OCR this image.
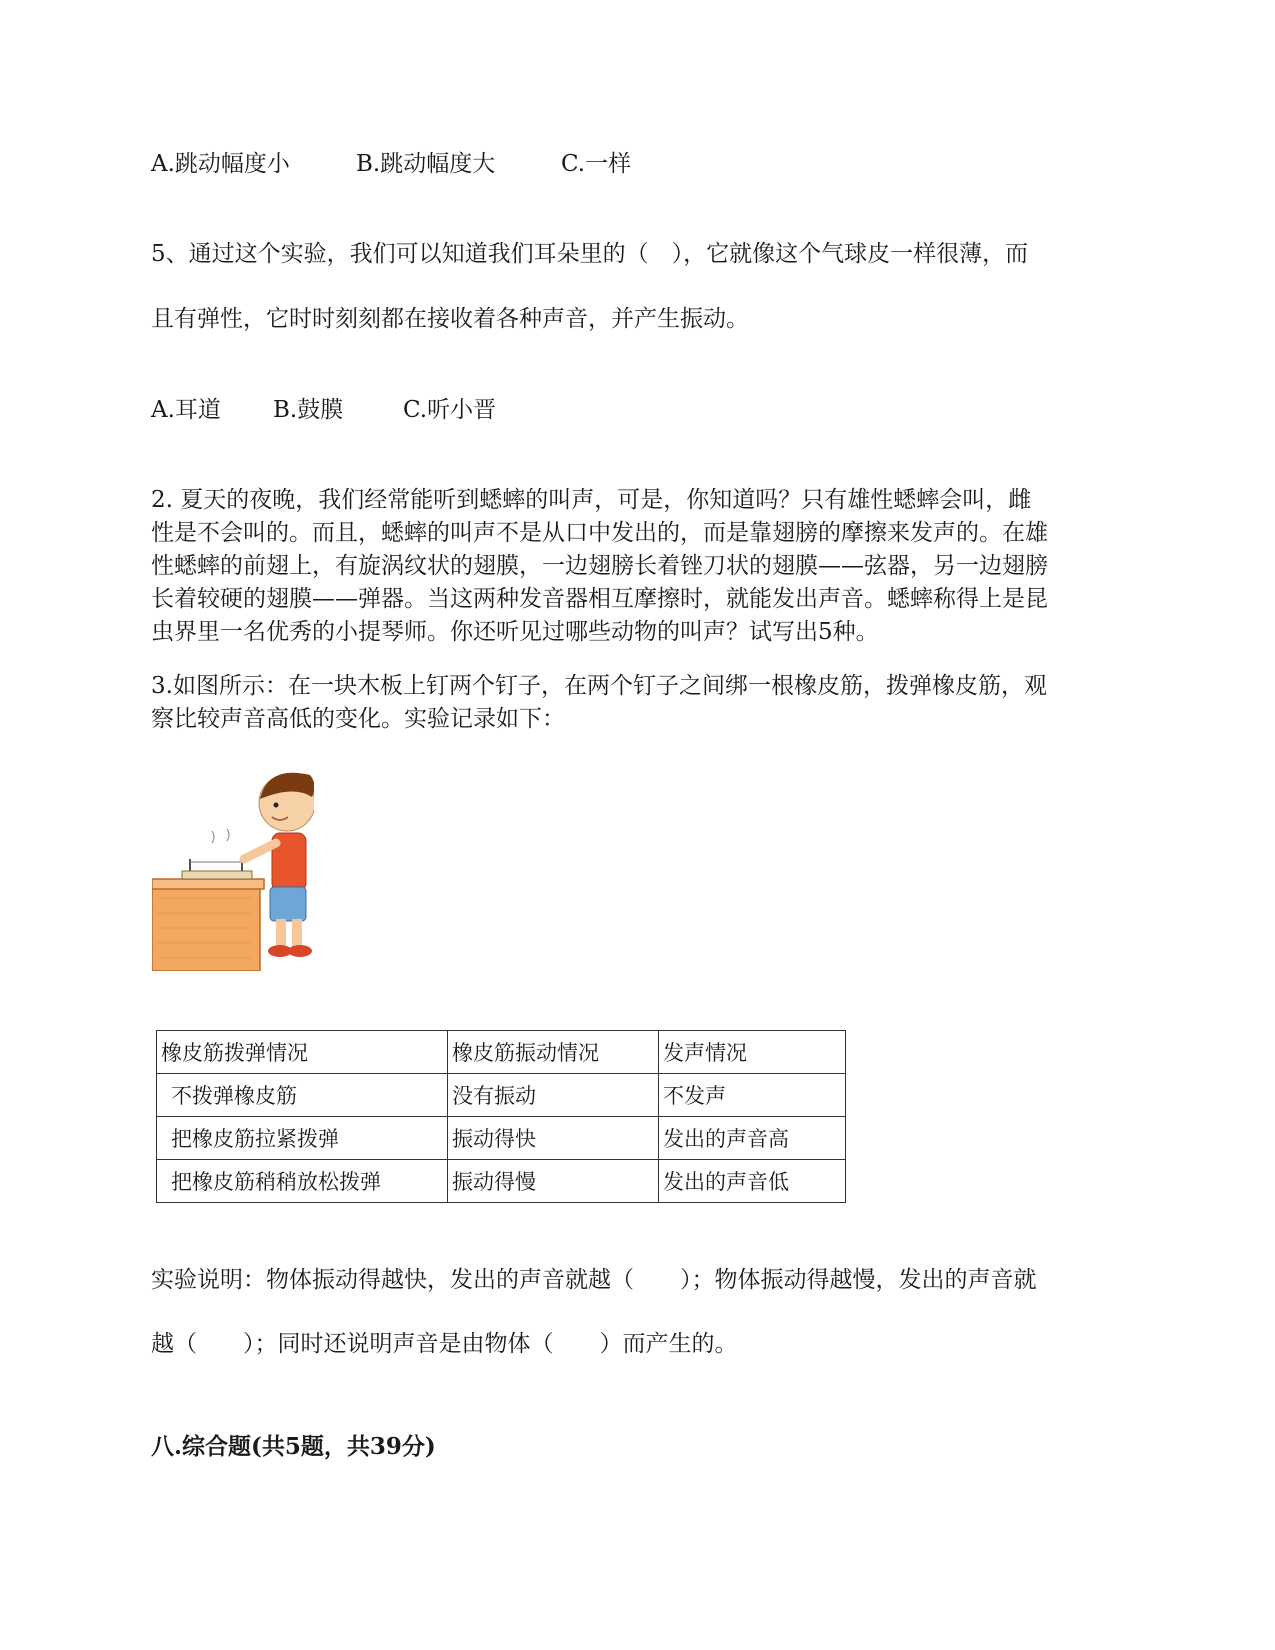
A.跳动幅度小	B.跳动幅度大	C.一样
5、通过这个实验，我们可以知道我们耳朵里的（　），它就像这个气球皮一样很薄，而
且有弹性，它时时刻刻都在接收着各种声音，并产生振动。
A.耳道 B.鼓膜	C.听小晋

2. 夏天的夜晚，我们经常能听到蟋蟀的叫声，可是，你知道吗？只有雄性蟋蟀会叫，雌

性是不会叫的。而且，蟋蟀的叫声不是从口中发出的，而是靠翅膀的摩擦来发声的。在雄

性蟋蟀的前翅上，有旋涡纹状的翅膜，一边翅膀长着锉刀状的翅膜——弦器，另一边翅膀

长着较硬的翅膜——弹器。当这两种发音器相互摩擦时，就能发出声音。蟋蟀称得上是昆

虫界里一名优秀的小提琴师。你还听见过哪些动物的叫声？试写出5种。

3.如图所示：在一块木板上钉两个钉子，在两个钉子之间绑一根橡皮筋，拨弹橡皮筋，观

察比较声音高低的变化。实验记录如下：

橡皮筋拨弹情况	橡皮筋振动情况	发声情况
不拨弹橡皮筋	没有振动	不发声
把橡皮筋拉紧拨弹	振动得快	发出的声音高
把橡皮筋稍稍放松拨弹	振动得慢	发出的声音低
实验说明：物体振动得越快，发出的声音就越（　　）；物体振动得越慢，发出的声音就
越（　　）；同时还说明声音是由物体（　　）而产生的。
八.综合题(共5题，共39分)
